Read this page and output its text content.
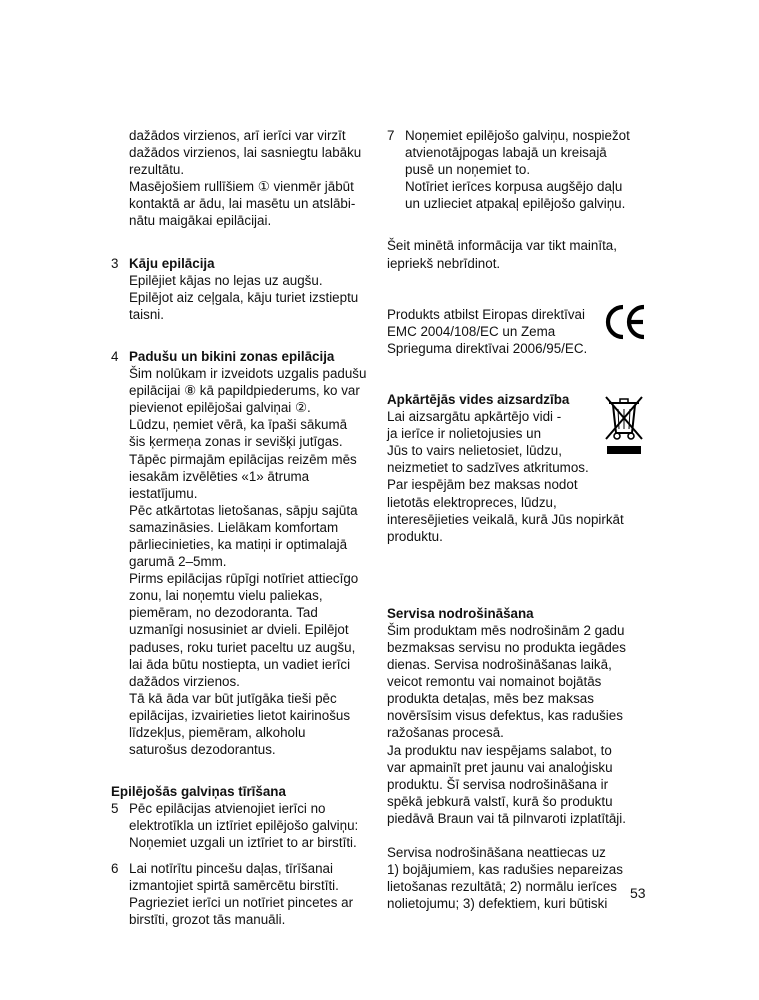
dažādos virzienos, arī ierīci var virzīt
dažādos virzienos, lai sasniegtu labāku
rezultātu.
Masējošiem rullīšiem ① vienmēr jābūt
kontaktā ar ādu, lai masētu un atslābi-
nātu maigākai epilācijai.
3 Kāju epilācija
Epilējiet kājas no lejas uz augšu.
Epilējot aiz ceļgala, kāju turiet izstieptu
taisni.
4 Padušu un bikini zonas epilācija
Šim nolūkam ir izveidots uzgalis padušu
epilācijai ⑧ kā papildpiederums, ko var
pievienot epilējošai galviņai ②.
Lūdzu, ņemiet vērā, ka īpaši sākumā
šis ķermeņa zonas ir sevišķi jutīgas.
Tāpēc pirmajām epilācijas reizēm mēs
iesakām izvēlēties «1» ātruma
iestatījumu.
Pēc atkārtotas lietošanas, sāpju sajūta
samazināsies. Lielākam komfortam
pārliecinieties, ka matiņi ir optimalajā
garumā 2–5mm.
Pirms epilācijas rūpīgi notīriet attiecīgo
zonu, lai noņemtu vielu paliekas,
piemēram, no dezodoranta. Tad
uzmanīgi nosusiniet ar dvieli. Epilējot
paduses, roku turiet paceltu uz augšu,
lai āda būtu nostiepta, un vadiet ierīci
dažādos virzienos.
Tā kā āda var būt jutīgāka tieši pēc
epilācijas, izvairieties lietot kairinošus
līdzekļus, piemēram, alkoholu
saturošus dezodorantus.
Epilējošās galviņas tīrīšana
5 Pēc epilācijas atvienojiet ierīci no
elektrotīkla un iztīriet epilējošo galviņu:
Noņemiet uzgali un iztīriet to ar birstīti.
6 Lai notīrītu pincešu daļas, tīrīšanai
izmantojiet spirtā samērcētu birstīti.
Pagrieziet ierīci un notīriet pincetes ar
birstīti, grozot tās manuāli.
7 Noņemiet epilējošo galviņu, nospiežot
atvienotājpogas labajā un kreisajā
pusē un noņemiet to.
Notīriet ierīces korpusa augšējo daļu
un uzlieciet atpakaļ epilējošo galviņu.
Šeit minētā informācija var tikt mainīta,
iepriekš nebrīdinot.
Produkts atbilst Eiropas direktīvai
EMC 2004/108/EC un Zema
Sprieguma direktīvai 2006/95/EC.
Apkārtējās vides aizsardzība
Lai aizsargātu apkārtējo vidi -
ja ierīce ir nolietojusies un
Jūs to vairs nelietosiet, lūdzu,
neizmetiet to sadzīves atkritumos.
Par iespējām bez maksas nodot
lietotās elektropreces, lūdzu,
interesējieties veikalā, kurā Jūs nopirkāt
produktu.
Servisa nodrošināšana
Šim produktam mēs nodrošinām 2 gadu
bezmaksas servisu no produkta iegādes
dienas. Servisa nodrošināšanas laikā,
veicot remontu vai nomainot bojātās
produkta detaļas, mēs bez maksas
novērsīsim visus defektus, kas radušies
ražošanas procesā.
Ja produktu nav iespējams salabot, to
var apmainīt pret jaunu vai analoģisku
produktu. Šī servisa nodrošināšana ir
spēkā jebkurā valstī, kurā šo produktu
piedāvā Braun vai tā pilnvaroti izplatītāji.
Servisa nodrošināšana neattiecas uz
1) bojājumiem, kas radušies nepareizas
lietošanas rezultātā; 2) normālu ierīces
nolietojumu; 3) defektiem, kuri būtiski
53
